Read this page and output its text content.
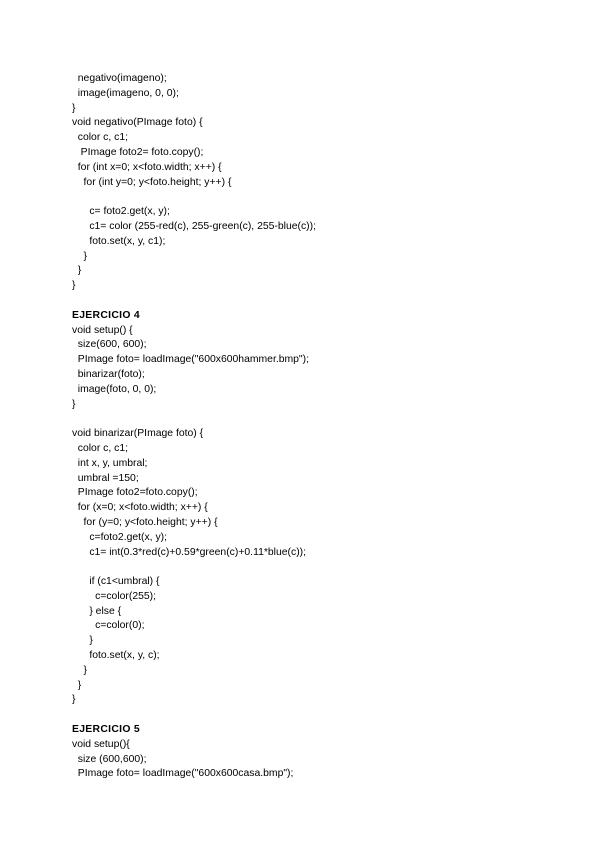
negativo(imageno);
image(imageno, 0, 0);
}
void negativo(PImage foto) {
color c, c1;
PImage foto2= foto.copy();
for (int x=0; x<foto.width; x++) {
for (int y=0; y<foto.height; y++) {
c= foto2.get(x, y);
c1= color (255-red(c), 255-green(c), 255-blue(c));
foto.set(x, y, c1);
}
}
}
EJERCICIO 4
void setup() {
size(600, 600);
PImage foto= loadImage("600x600hammer.bmp");
binarizar(foto);
image(foto, 0, 0);
}
void binarizar(PImage foto) {
color c, c1;
int x, y, umbral;
umbral =150;
PImage foto2=foto.copy();
for (x=0; x<foto.width; x++) {
for (y=0; y<foto.height; y++) {
c=foto2.get(x, y);
c1= int(0.3*red(c)+0.59*green(c)+0.11*blue(c));
if (c1<umbral) {
c=color(255);
} else {
c=color(0);
}
foto.set(x, y, c);
}
}
}
EJERCICIO 5
void setup(){
size (600,600);
PImage foto= loadImage("600x600casa.bmp");
